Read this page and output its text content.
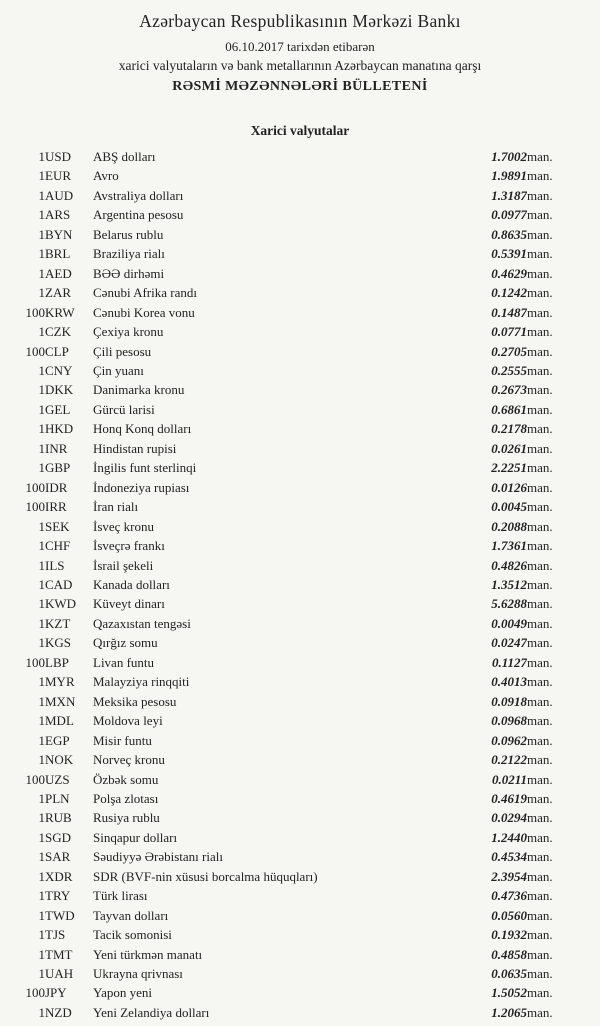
Azərbaycan Respublikasının Mərkəzi Bankı
06.10.2017 tarixdən etibarən
xarici valyutaların və bank metallarının Azərbaycan manatına qarşı
RƏSMİ MƏZƏNNƏLƏRİ BÜLLETENİ
Xarici valyutalar
1	USD	ABŞ dolları	1.7002	man.
1	EUR	Avro	1.9891	man.
1	AUD	Avstraliya dolları	1.3187	man.
1	ARS	Argentina pesosu	0.0977	man.
1	BYN	Belarus rublu	0.8635	man.
1	BRL	Braziliya rialı	0.5391	man.
1	AED	BƏƏ dirhəmi	0.4629	man.
1	ZAR	Cənubi Afrika randı	0.1242	man.
100	KRW	Cənubi Korea vonu	0.1487	man.
1	CZK	Çexiya kronu	0.0771	man.
100	CLP	Çili pesosu	0.2705	man.
1	CNY	Çin yuanı	0.2555	man.
1	DKK	Danimarka kronu	0.2673	man.
1	GEL	Gürcü larisi	0.6861	man.
1	HKD	Honq Konq dolları	0.2178	man.
1	INR	Hindistan rupisi	0.0261	man.
1	GBP	İngilis funt sterlinqi	2.2251	man.
100	IDR	İndoneziya rupiası	0.0126	man.
100	IRR	İran rialı	0.0045	man.
1	SEK	İsveç kronu	0.2088	man.
1	CHF	İsveçrə frankı	1.7361	man.
1	ILS	İsrail şekeli	0.4826	man.
1	CAD	Kanada dolları	1.3512	man.
1	KWD	Küveyt dinarı	5.6288	man.
1	KZT	Qazaxıstan tengəsi	0.0049	man.
1	KGS	Qırğız somu	0.0247	man.
100	LBP	Livan funtu	0.1127	man.
1	MYR	Malayziya rinqqiti	0.4013	man.
1	MXN	Meksika pesosu	0.0918	man.
1	MDL	Moldova leyi	0.0968	man.
1	EGP	Misir funtu	0.0962	man.
1	NOK	Norveç kronu	0.2122	man.
100	UZS	Özbək somu	0.0211	man.
1	PLN	Polşa zlotası	0.4619	man.
1	RUB	Rusiya rublu	0.0294	man.
1	SGD	Sinqapur dolları	1.2440	man.
1	SAR	Səudiyyə Ərəbistanı rialı	0.4534	man.
1	XDR	SDR (BVF-nin xüsusi borcalma hüquqları)	2.3954	man.
1	TRY	Türk lirası	0.4736	man.
1	TWD	Tayvan dolları	0.0560	man.
1	TJS	Tacik somonisi	0.1932	man.
1	TMT	Yeni türkmən manatı	0.4858	man.
1	UAH	Ukrayna qrivnası	0.0635	man.
100	JPY	Yapon yeni	1.5052	man.
1	NZD	Yeni Zelandiya dolları	1.2065	man.
